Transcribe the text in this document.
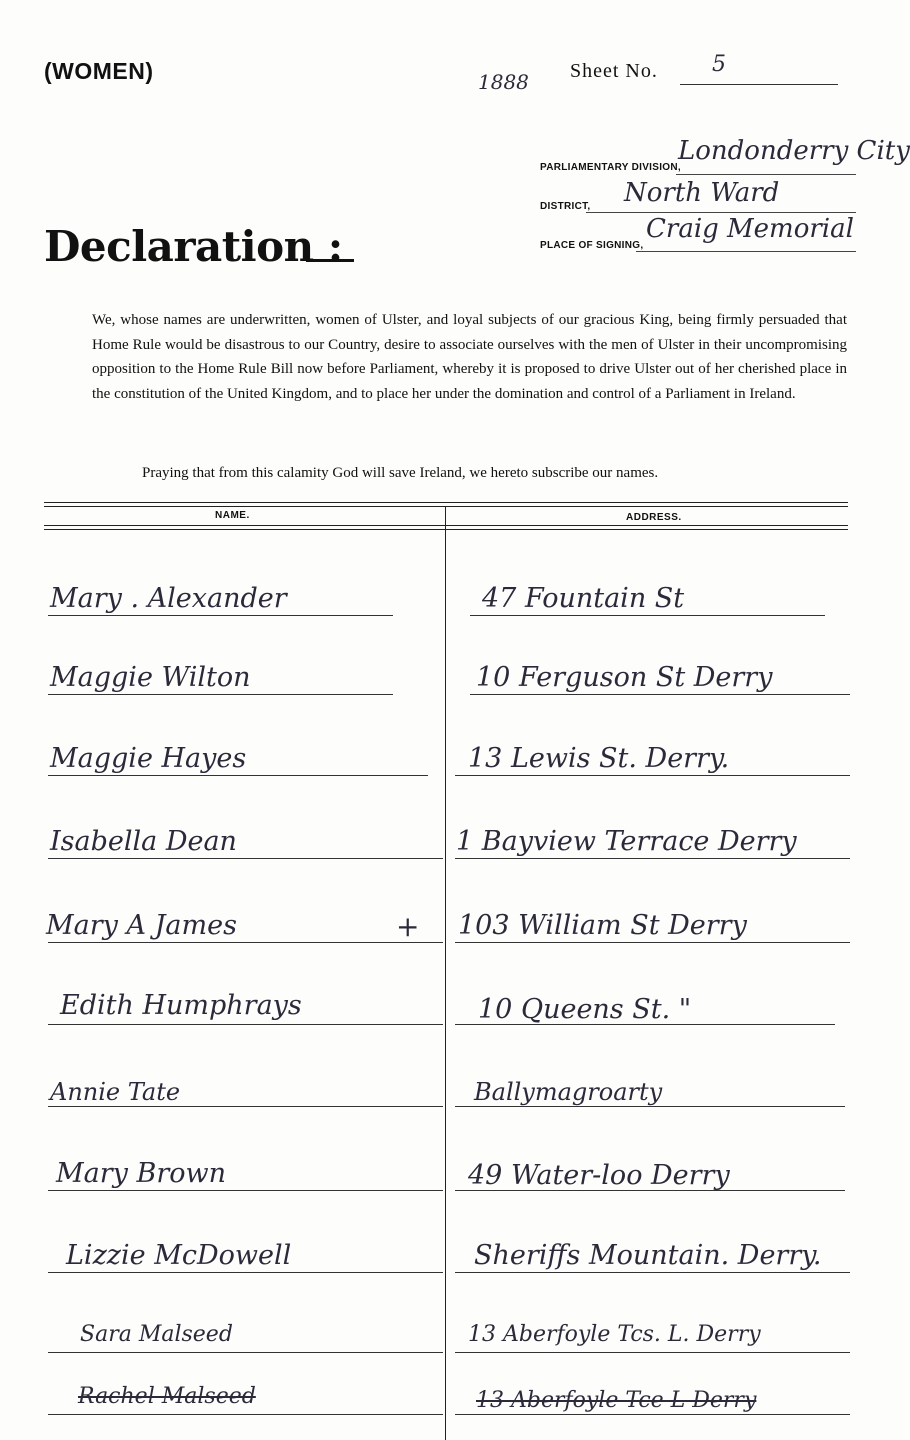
(WOMEN)	1888 Sheet No. 5
PARLIAMENTARY DIVISION,
Londonderry City
DISTRICT, North Ward
PLACE OF SIGNING,
Craig Memorial
Declaration :
We, whose names are underwritten, women of Ulster, and loyal subjects of our gracious King, being firmly persuaded that Home Rule would be disastrous to our Country, desire to associate ourselves with the men of Ulster in their uncompromising opposition to the Home Rule Bill now before Parliament, whereby it is proposed to drive Ulster out of her cherished place in the constitution of the United Kingdom, and to place her under the domination and control of a Parliament in Ireland.
Praying that from this calamity God will save Ireland, we hereto subscribe our names.
NAME.	ADDRESS.
Mary . Alexander	47 Fountain St
Maggie Wilton	10 Ferguson St Derry
Maggie Hayes	13 Lewis St. Derry.
Isabella Dean	1 Bayview Terrace Derry
Mary A James	+ 103 William St Derry
Edith Humphrays	10 Queens St. "
Annie Tate	Ballymagroarty
Mary Brown	49 Water-loo Derry
Lizzie McDowell	Sheriffs Mountain. Derry.
Sara Malseed	13 Aberfoyle Tcs. L. Derry
Rachel Malseed	13 Aberfoyle Tce L Derry
